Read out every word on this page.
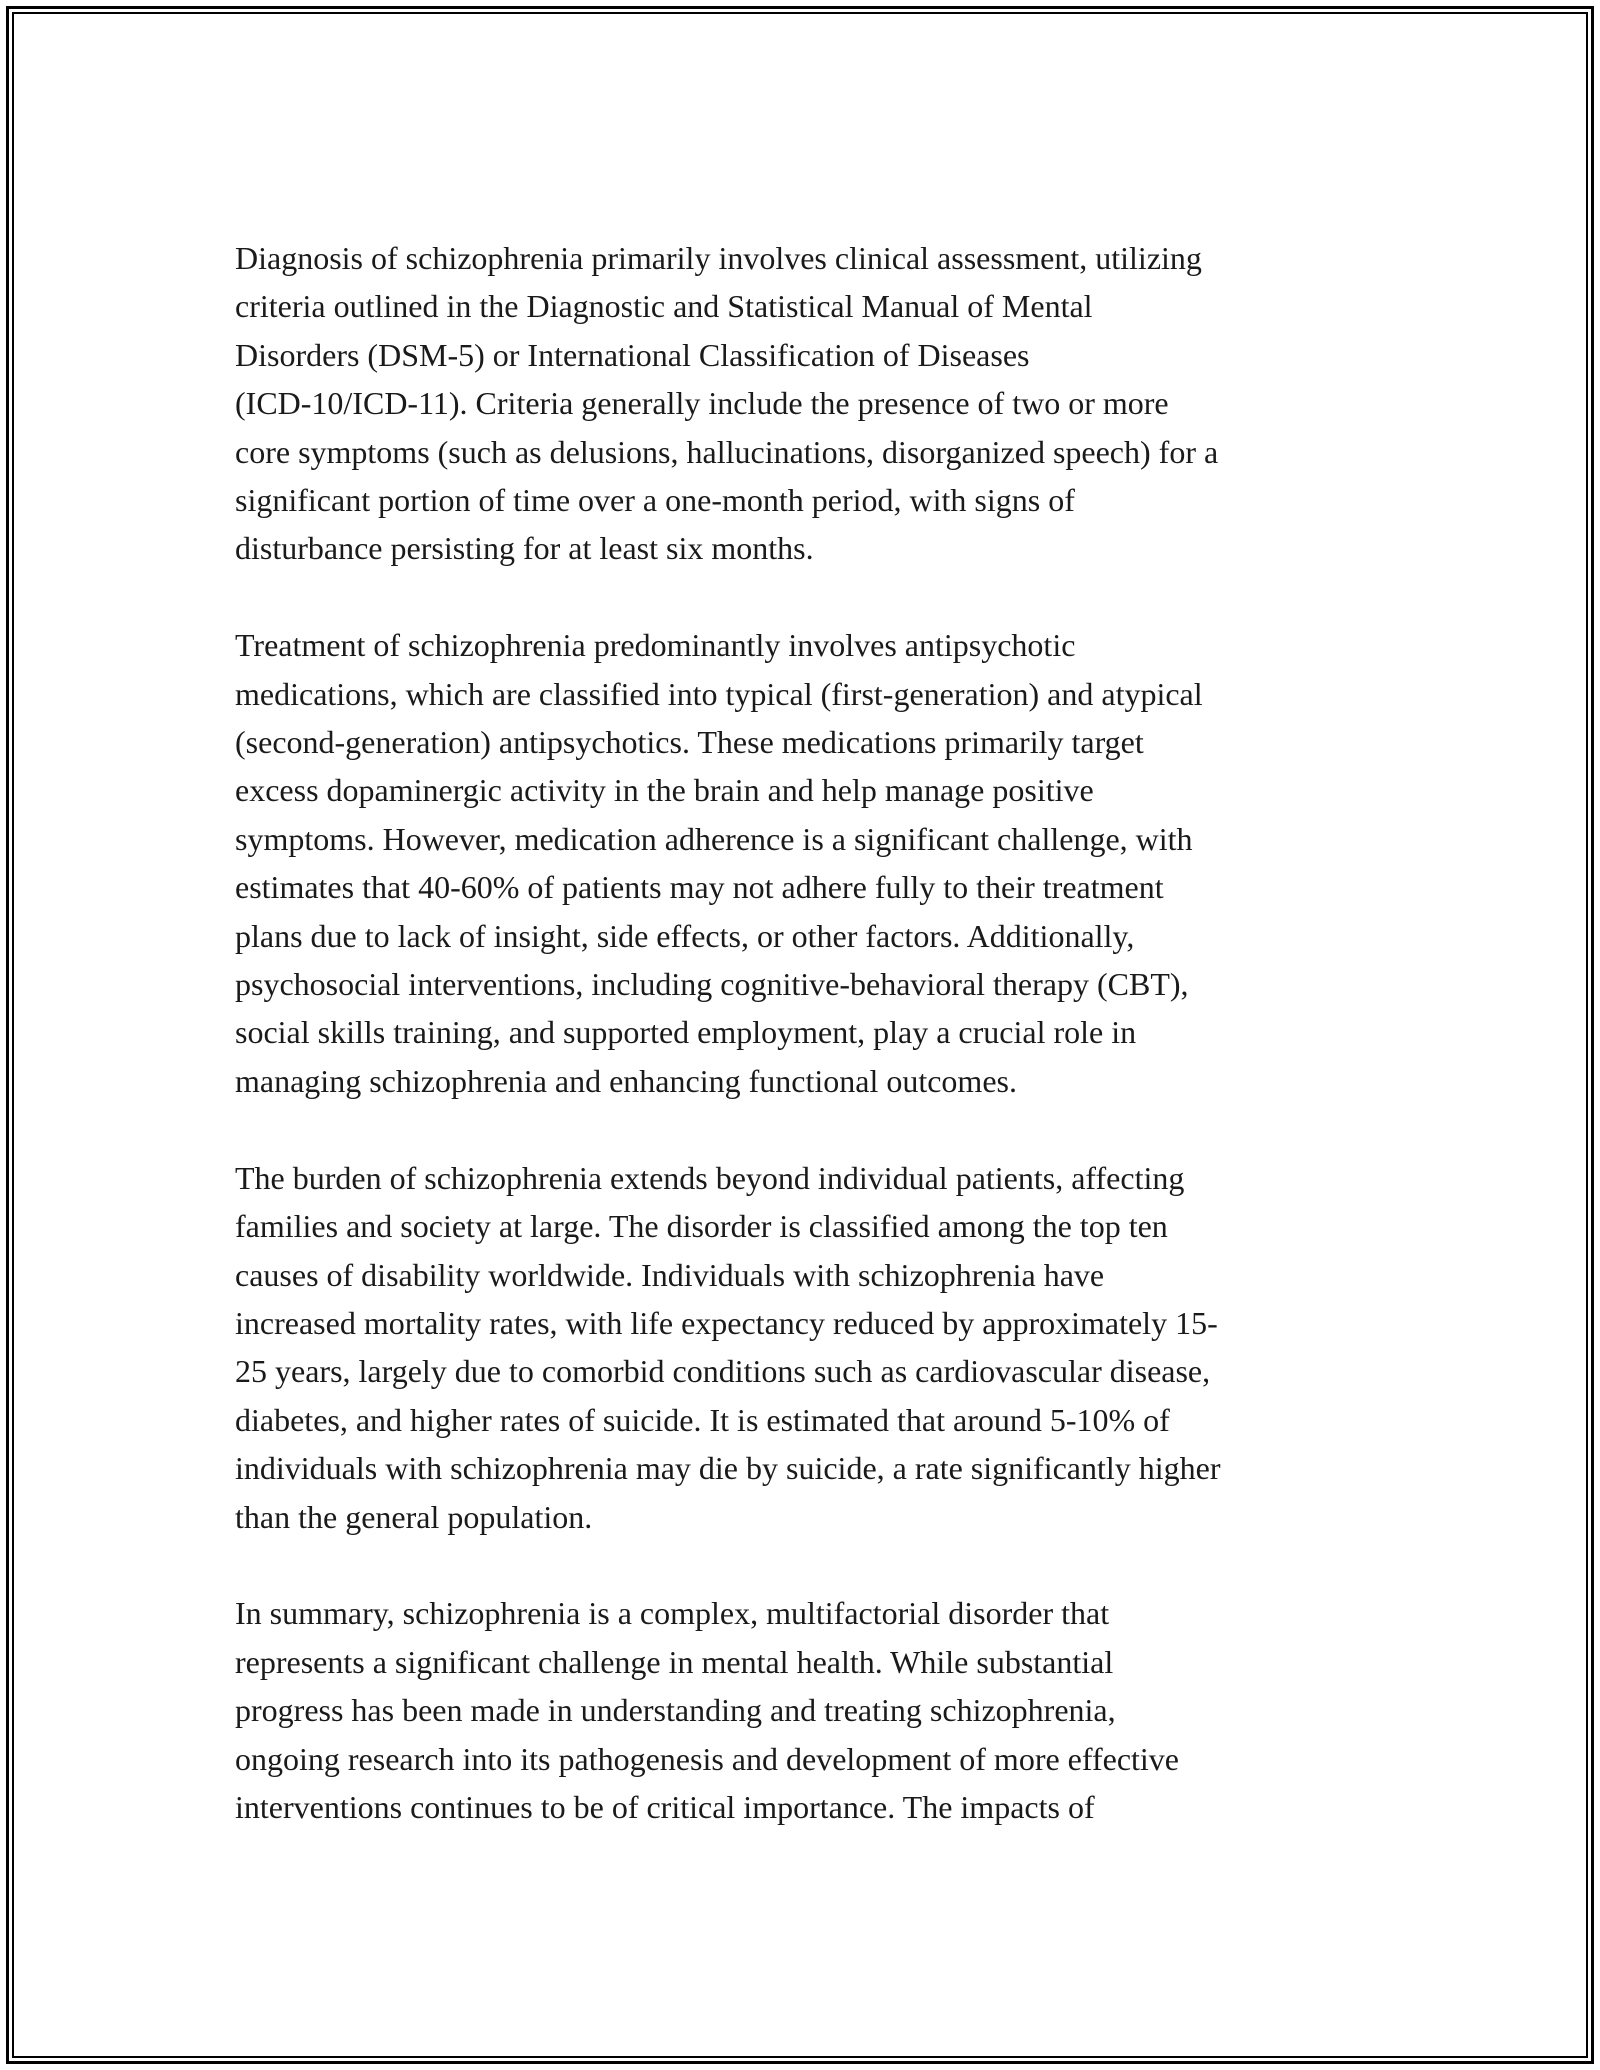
Diagnosis of schizophrenia primarily involves clinical assessment, utilizing
criteria outlined in the Diagnostic and Statistical Manual of Mental
Disorders (DSM-5) or International Classification of Diseases
(ICD-10/ICD-11). Criteria generally include the presence of two or more
core symptoms (such as delusions, hallucinations, disorganized speech) for a
significant portion of time over a one-month period, with signs of
disturbance persisting for at least six months.

Treatment of schizophrenia predominantly involves antipsychotic
medications, which are classified into typical (first-generation) and atypical
(second-generation) antipsychotics. These medications primarily target
excess dopaminergic activity in the brain and help manage positive
symptoms. However, medication adherence is a significant challenge, with
estimates that 40-60% of patients may not adhere fully to their treatment
plans due to lack of insight, side effects, or other factors. Additionally,
psychosocial interventions, including cognitive-behavioral therapy (CBT),
social skills training, and supported employment, play a crucial role in
managing schizophrenia and enhancing functional outcomes.

The burden of schizophrenia extends beyond individual patients, affecting
families and society at large. The disorder is classified among the top ten
causes of disability worldwide. Individuals with schizophrenia have
increased mortality rates, with life expectancy reduced by approximately 15-
25 years, largely due to comorbid conditions such as cardiovascular disease,
diabetes, and higher rates of suicide. It is estimated that around 5-10% of
individuals with schizophrenia may die by suicide, a rate significantly higher
than the general population.

In summary, schizophrenia is a complex, multifactorial disorder that
represents a significant challenge in mental health. While substantial
progress has been made in understanding and treating schizophrenia,
ongoing research into its pathogenesis and development of more effective
interventions continues to be of critical importance. The impacts of
